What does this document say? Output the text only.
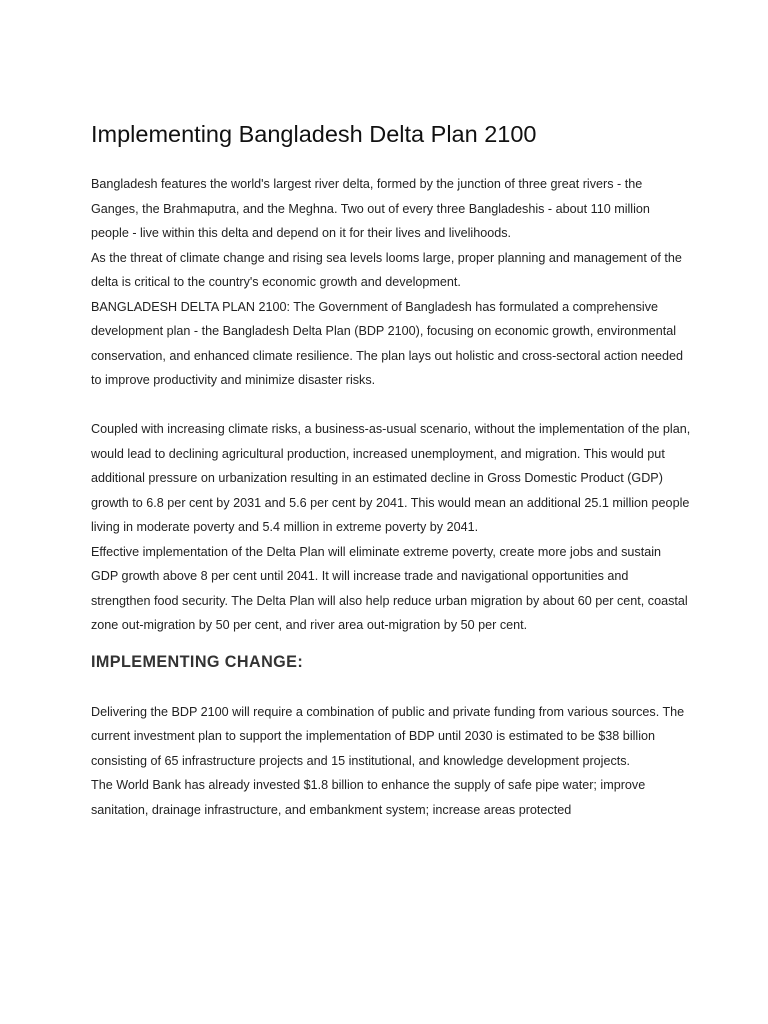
Implementing Bangladesh Delta Plan 2100

Bangladesh features the world's largest river delta, formed by the junction of three great rivers - the Ganges, the Brahmaputra, and the Meghna. Two out of every three Bangladeshis - about 110 million people - live within this delta and depend on it for their lives and livelihoods.

As the threat of climate change and rising sea levels looms large, proper planning and management of the delta is critical to the country's economic growth and development.

BANGLADESH DELTA PLAN 2100: The Government of Bangladesh has formulated a comprehensive development plan - the Bangladesh Delta Plan (BDP 2100), focusing on economic growth, environmental conservation, and enhanced climate resilience. The plan lays out holistic and cross-sectoral action needed to improve productivity and minimize disaster risks.

Coupled with increasing climate risks, a business-as-usual scenario, without the implementation of the plan, would lead to declining agricultural production, increased unemployment, and migration. This would put additional pressure on urbanization resulting in an estimated decline in Gross Domestic Product (GDP) growth to 6.8 per cent by 2031 and 5.6 per cent by 2041. This would mean an additional 25.1 million people living in moderate poverty and 5.4 million in extreme poverty by 2041.

Effective implementation of the Delta Plan will eliminate extreme poverty, create more jobs and sustain GDP growth above 8 per cent until 2041. It will increase trade and navigational opportunities and strengthen food security. The Delta Plan will also help reduce urban migration by about 60 per cent, coastal zone out-migration by 50 per cent, and river area out-migration by 50 per cent.

IMPLEMENTING CHANGE:

Delivering the BDP 2100 will require a combination of public and private funding from various sources. The current investment plan to support the implementation of BDP until 2030 is estimated to be $38 billion consisting of 65 infrastructure projects and 15 institutional, and knowledge development projects.

The World Bank has already invested $1.8 billion to enhance the supply of safe pipe water; improve sanitation, drainage infrastructure, and embankment system; increase areas protected
